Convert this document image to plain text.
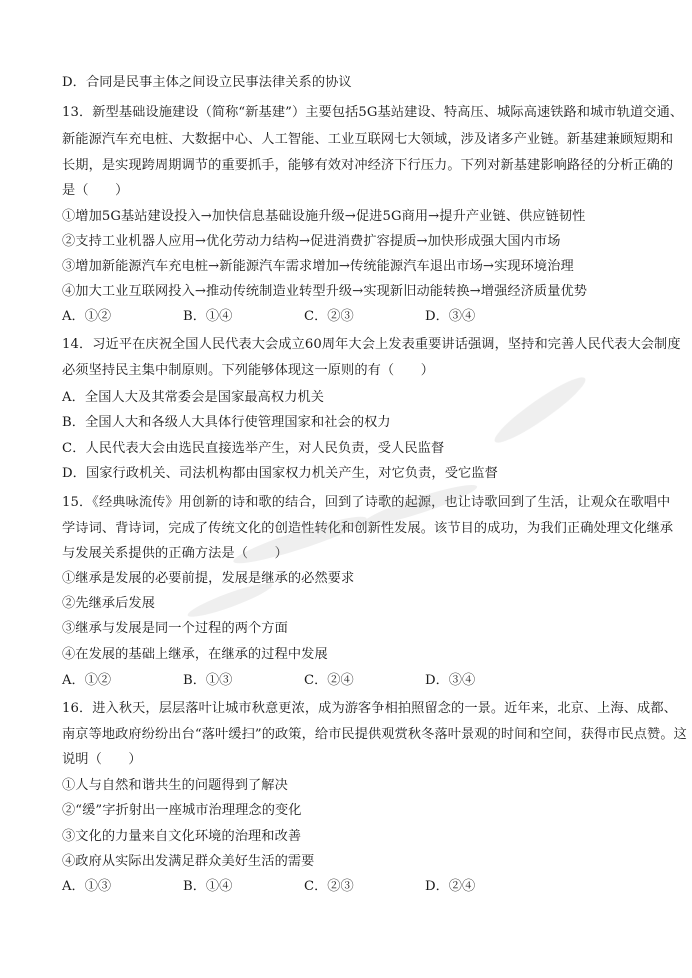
D．合同是民事主体之间设立民事法律关系的协议
13．新型基础设施建设（简称“新基建”）主要包括5G基站建设、特高压、城际高速铁路和城市轨道交通、
新能源汽车充电桩、大数据中心、人工智能、工业互联网七大领域，涉及诸多产业链。新基建兼顾短期和
长期，是实现跨周期调节的重要抓手，能够有效对冲经济下行压力。下列对新基建影响路径的分析正确的
是（　　）
①增加5G基站建设投入→加快信息基础设施升级→促进5G商用→提升产业链、供应链韧性
②支持工业机器人应用→优化劳动力结构→促进消费扩容提质→加快形成强大国内市场
③增加新能源汽车充电桩→新能源汽车需求增加→传统能源汽车退出市场→实现环境治理
④加大工业互联网投入→推动传统制造业转型升级→实现新旧动能转换→增强经济质量优势
A．①②	B．①④	C．②③	D．③④
14．习近平在庆祝全国人民代表大会成立60周年大会上发表重要讲话强调，坚持和完善人民代表大会制度
必须坚持民主集中制原则。下列能够体现这一原则的有（　　）
A．全国人大及其常委会是国家最高权力机关
B．全国人大和各级人大具体行使管理国家和社会的权力
C．人民代表大会由选民直接选举产生，对人民负责，受人民监督
D．国家行政机关、司法机构都由国家权力机关产生，对它负责，受它监督
15．《经典咏流传》用创新的诗和歌的结合，回到了诗歌的起源，也让诗歌回到了生活，让观众在歌唱中
学诗词、背诗词，完成了传统文化的创造性转化和创新性发展。该节目的成功，为我们正确处理文化继承
与发展关系提供的正确方法是（　　）
①继承是发展的必要前提，发展是继承的必然要求
②先继承后发展
③继承与发展是同一个过程的两个方面
④在发展的基础上继承，在继承的过程中发展
A．①②	B．①③	C．②④	D．③④
16．进入秋天，层层落叶让城市秋意更浓，成为游客争相拍照留念的一景。近年来，北京、上海、成都、
南京等地政府纷纷出台“落叶缓扫”的政策，给市民提供观赏秋冬落叶景观的时间和空间，获得市民点赞。这
说明（　　）
①人与自然和谐共生的问题得到了解决
②“缓”字折射出一座城市治理理念的变化
③文化的力量来自文化环境的治理和改善
④政府从实际出发满足群众美好生活的需要
A．①③	B．①④	C．②③	D．②④
